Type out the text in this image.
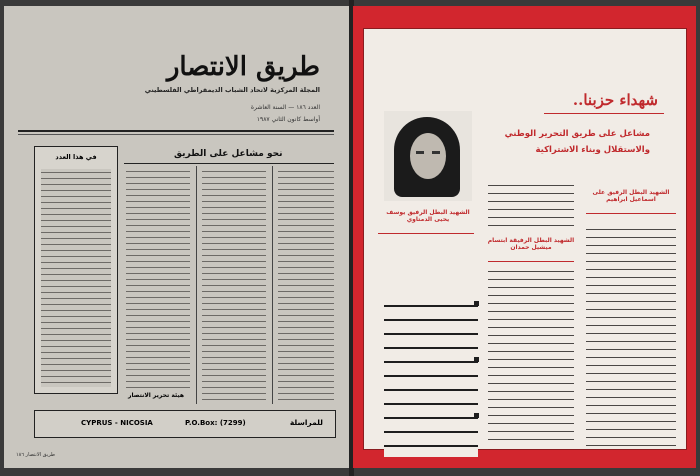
طريق الانتصار
المجلة المركزية لاتحاد الشباب الديمقراطي الفلسطيني
العدد ١٨٦ — السنة العاشرة
أواسط كانون الثاني ١٩٨٧
في هذا العدد	نحو مشاعل على الطريق
هيئة تحرير الانتصار
CYPRUS - NICOSIA	P.O.Box: (7299)	للمراسلة
طريق الانتصار ١٨٦
شهداء حزبنا..
مشاعل على طريق التحرير الوطني
والاستقلال وبناء الاشتراكية
الشهيد البطل الرفيق يوسف يحيى الدمتاوي
الشهيد البطل الرفيقة ابتسام ميشيل حمدان
الشهيد البطل الرفيق على اسماعيل ابراهيم
